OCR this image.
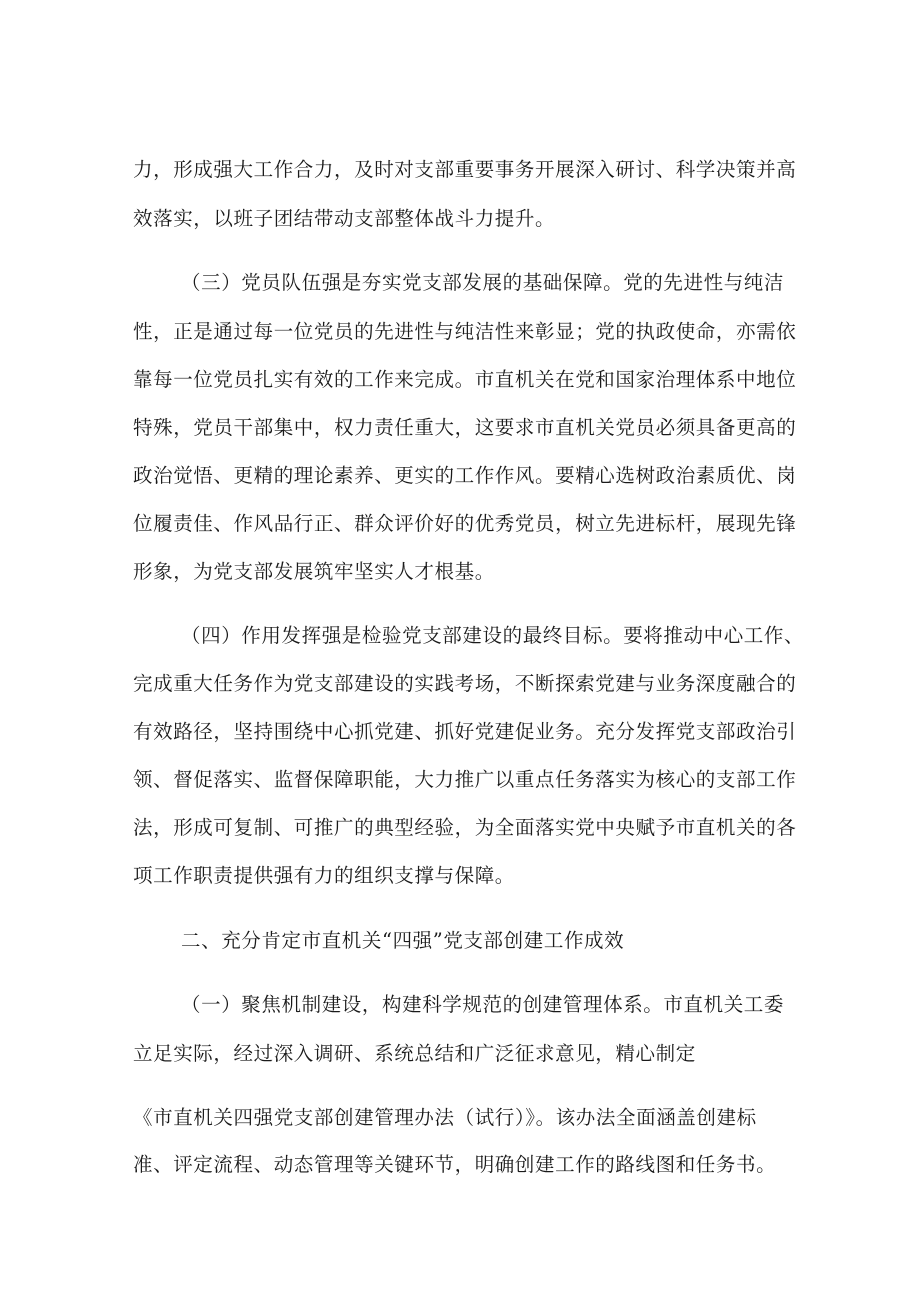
力，形成强大工作合力，及时对支部重要事务开展深入研讨、科学决策并高

效落实，以班子团结带动支部整体战斗力提升。

（三）党员队伍强是夯实党支部发展的基础保障。党的先进性与纯洁

性，正是通过每一位党员的先进性与纯洁性来彰显；党的执政使命，亦需依

靠每一位党员扎实有效的工作来完成。市直机关在党和国家治理体系中地位

特殊，党员干部集中，权力责任重大，这要求市直机关党员必须具备更高的

政治觉悟、更精的理论素养、更实的工作作风。要精心选树政治素质优、岗

位履责佳、作风品行正、群众评价好的优秀党员，树立先进标杆，展现先锋

形象，为党支部发展筑牢坚实人才根基。

（四）作用发挥强是检验党支部建设的最终目标。要将推动中心工作、

完成重大任务作为党支部建设的实践考场，不断探索党建与业务深度融合的

有效路径，坚持围绕中心抓党建、抓好党建促业务。充分发挥党支部政治引

领、督促落实、监督保障职能，大力推广以重点任务落实为核心的支部工作

法，形成可复制、可推广的典型经验，为全面落实党中央赋予市直机关的各

项工作职责提供强有力的组织支撑与保障。

二、充分肯定市直机关“四强”党支部创建工作成效

（一）聚焦机制建设，构建科学规范的创建管理体系。市直机关工委

立足实际，经过深入调研、系统总结和广泛征求意见，精心制定

《市直机关四强党支部创建管理办法（试行）》。该办法全面涵盖创建标

准、评定流程、动态管理等关键环节，明确创建工作的路线图和任务书。
